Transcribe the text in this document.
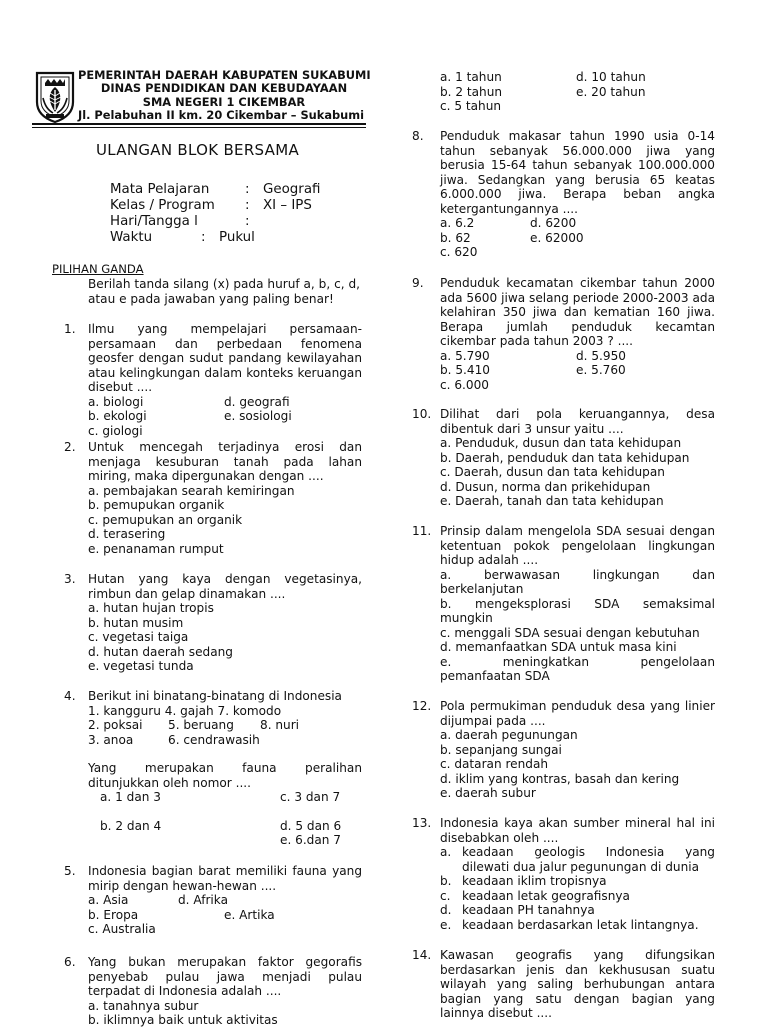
PEMERINTAH DAERAH KABUPATEN SUKABUMI
DINAS PENDIDIKAN DAN KEBUDAYAAN
SMA NEGERI 1 CIKEMBAR
Jl. Pelabuhan II km. 20 Cikembar – Sukabumi
ULANGAN BLOK BERSAMA
Mata Pelajaran	: Geografi
Kelas / Program : XI – IPS
Hari/Tangga l	:
Waktu	: Pukul
PILIHAN GANDA
Berilah tanda silang (x) pada huruf a, b, c, d, atau e pada jawaban yang paling benar!
1.	Ilmu yang mempelajari persamaan-persamaan dan perbedaan fenomena geosfer dengan sudut pandang kewilayahan atau kelingkungan dalam konteks keruangan disebut ....
a. biologi	d. geografi
b. ekologi	e. sosiologi
c. giologi
2.	Untuk mencegah terjadinya erosi dan menjaga kesuburan tanah pada lahan miring, maka dipergunakan dengan ....
a. pembajakan searah kemiringan
b. pemupukan organik
c. pemupukan an organik
d. terasering
e. penanaman rumput
3.	Hutan yang kaya dengan vegetasinya, rimbun dan gelap dinamakan ....
a. hutan hujan tropis
b. hutan musim
c. vegetasi taiga
d. hutan daerah sedang
e. vegetasi tunda
4.	Berikut ini binatang-binatang di Indonesia
1. kangguru 4. gajah 7. komodo
2. poksai 5. beruang 8. nuri
3. anoa	6. cendrawasih
Yang merupakan fauna peralihan ditunjukkan oleh nomor ....
a. 1 dan 3	c. 3 dan 7
b. 2 dan 4	d. 5 dan 6
e. 6.dan 7
5.	Indonesia bagian barat memiliki fauna yang mirip dengan hewan-hewan ....
a. Asia	d. Afrika
b. Eropa	e. Artika
c. Australia
6.	Yang bukan merupakan faktor gegorafis penyebab pulau jawa menjadi pulau terpadat di Indonesia adalah ....
a. tanahnya subur
b. iklimnya baik untuk aktivitas
a. 1 tahun	d. 10 tahun
b. 2 tahun	e. 20 tahun
c. 5 tahun
8.	Penduduk makasar tahun 1990 usia 0-14 tahun sebanyak 56.000.000 jiwa yang berusia 15-64 tahun sebanyak 100.000.000 jiwa. Sedangkan yang berusia 65 keatas 6.000.000 jiwa. Berapa beban angka ketergantungannya ....
a. 6.2	d. 6200
b. 62	e. 62000
c. 620
9.	Penduduk kecamatan cikembar tahun 2000 ada 5600 jiwa selang periode 2000-2003 ada kelahiran 350 jiwa dan kematian 160 jiwa. Berapa jumlah penduduk kecamtan cikembar pada tahun 2003 ? ....
a. 5.790	d. 5.950
b. 5.410	e. 5.760
c. 6.000
10. Dilihat dari pola keruangannya, desa dibentuk dari 3 unsur yaitu ....
a. Penduduk, dusun dan tata kehidupan
b. Daerah, penduduk dan tata kehidupan
c. Daerah, dusun dan tata kehidupan
d. Dusun, norma dan prikehidupan
e. Daerah, tanah dan tata kehidupan
11. Prinsip dalam mengelola SDA sesuai dengan ketentuan pokok pengelolaan lingkungan hidup adalah ....
a.        berwawasan        lingkungan        dan berkelanjutan
b.     mengeksplorasi     SDA     semaksimal mungkin
c. menggali SDA sesuai dengan kebutuhan
d. memanfaatkan SDA untuk masa kini
e.          meningkatkan          pengelolaan pemanfaatan SDA
12. Pola permukiman penduduk desa yang linier dijumpai pada ....
a. daerah pegunungan
b. sepanjang sungai
c. dataran rendah
d. iklim yang kontras, basah dan kering
e. daerah subur
13. Indonesia kaya akan sumber mineral hal ini disebabkan oleh ....
a. keadaan geologis Indonesia yang dilewati dua jalur pegunungan di dunia
b. keadaan iklim tropisnya
c. keadaan letak geografisnya
d. keadaan PH tanahnya
e. keadaan berdasarkan letak lintangnya.
14. Kawasan geografis yang difungsikan berdasarkan jenis dan kekhususan suatu wilayah yang saling berhubungan antara bagian yang satu dengan bagian yang lainnya disebut ....
